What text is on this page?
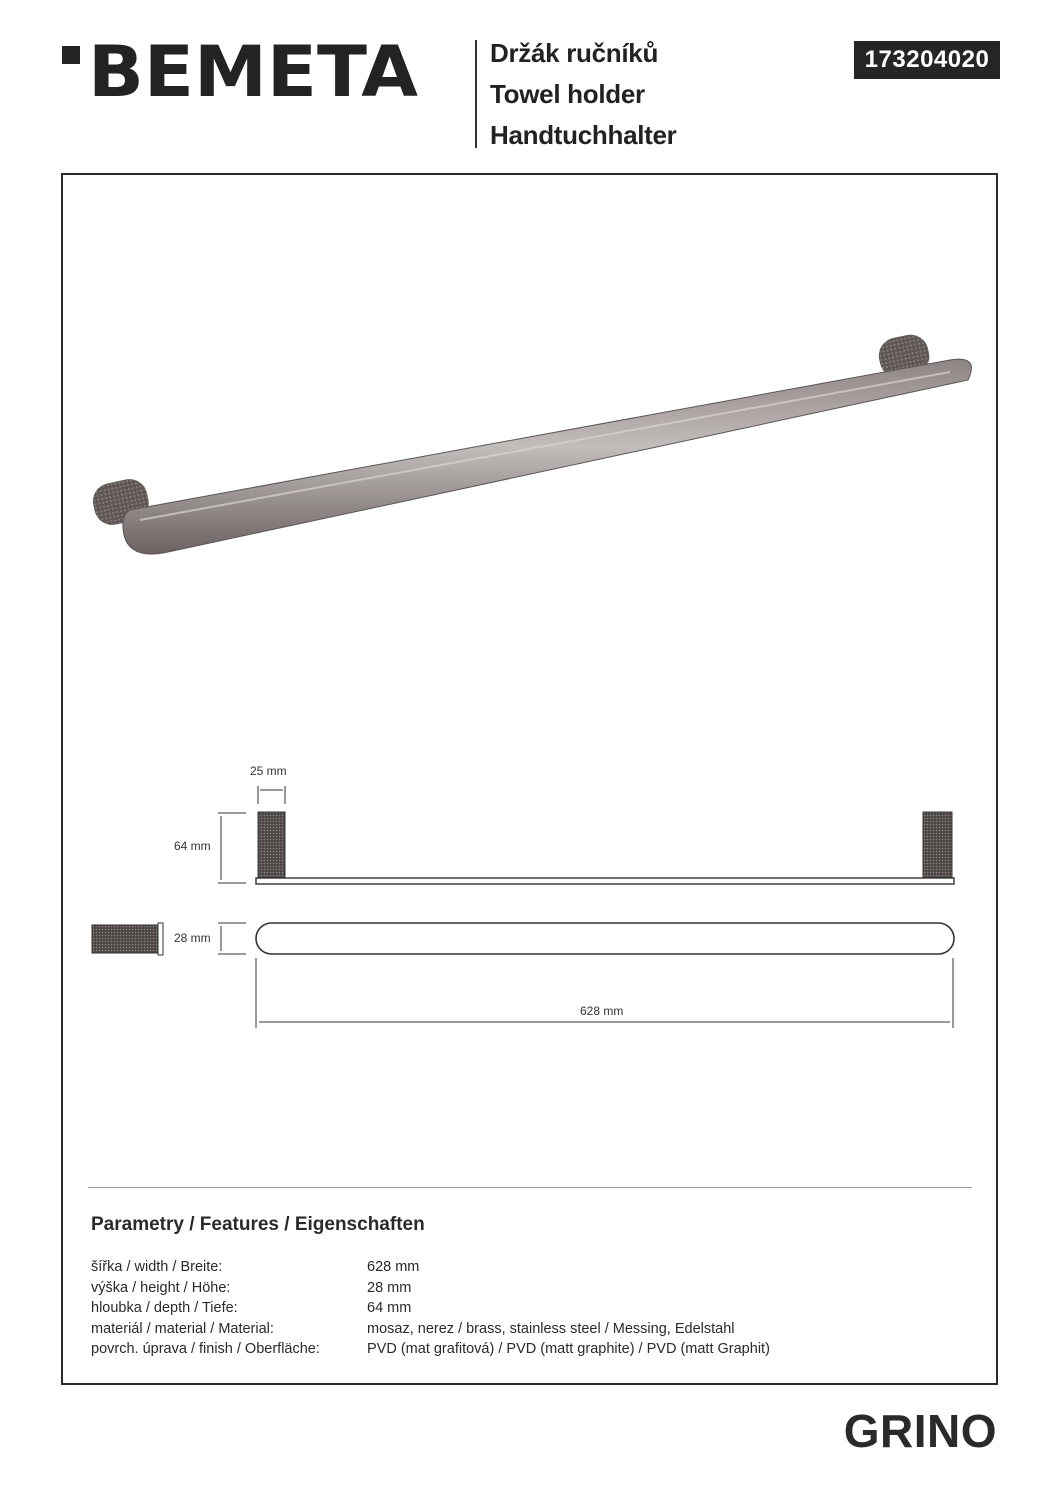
BEMETA	Držák ručníků
Towel holder
Handtuchhalter
173204020
25 mm
64 mm
28 mm
628 mm
Parametry / Features / Eigenschaften
šířka / width / Breite:	628 mm
výška / height / Höhe:	28 mm
hloubka / depth / Tiefe:	64 mm
materiál / material / Material:	mosaz, nerez / brass, stainless steel / Messing, Edelstahl
povrch. úprava / finish / Oberfläche:	PVD (mat grafitová) / PVD (matt graphite) / PVD (matt Graphit)
GRINO
